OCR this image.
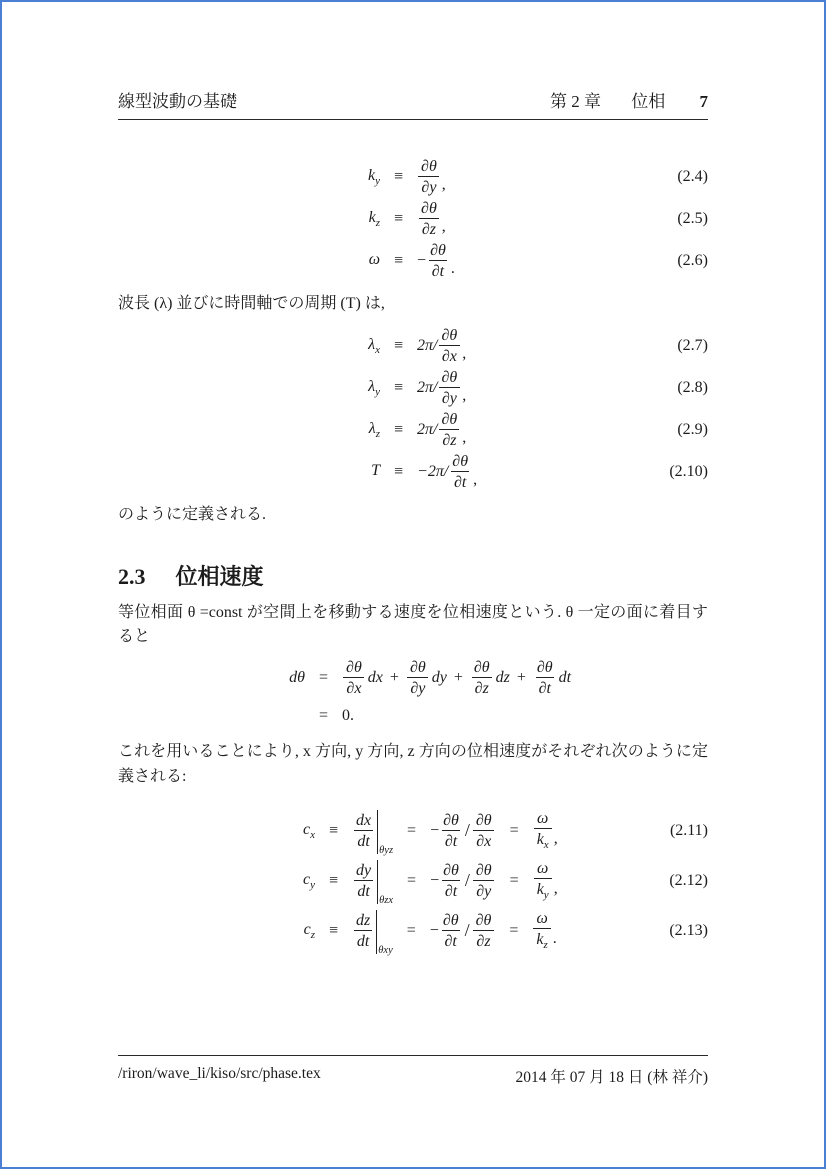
線型波動の基礎	第 2 章 位相 7
$k_y \equiv \frac{\partial\theta}{\partial y}$ ,	(2.4)
$k_z \equiv \frac{\partial\theta}{\partial z}$ ,	(2.5)
ω ≡ − $\frac{\partial\theta}{\partial t}$ .	(2.6)

波長 (λ) 並びに時間軸での周期 (T) は,

$\lambda_x \equiv 2\pi/ \frac{\partial\theta}{\partial x}$ ,	(2.7)
$\lambda_y \equiv 2\pi/ \frac{\partial\theta}{\partial y}$ ,	(2.8)
$\lambda_z \equiv 2\pi/ \frac{\partial\theta}{\partial z}$ ,	(2.9)
$T \equiv -2\pi/ \frac{\partial\theta}{\partial t}$ ,	(2.10)

のように定義される.

2.3 位相速度

等位相面 θ =const が空間上を移動する速度を位相速度という. θ 一定の面に着目すると

$d\theta = \frac{\partial\theta}{\partial x}$ dx + $\frac{\partial\theta}{\partial y}$ dy + $\frac{\partial\theta}{\partial z}$ dz + $\frac{\partial\theta}{\partial t}$ dt
= 0.

これを用いることにより, x 方向, y 方向, z 方向の位相速度がそれぞれ次のように定義される:

$c_x \equiv \frac{dx}{dt} _{\theta yz}$
= − $\frac{\partial\theta}{\partial t} / \frac{\partial\theta}{\partial x} = \frac{\omega}{k_x}$ ,	(2.11)
$c_y \equiv \frac{dy}{dt} _{\theta zx}$
= − $\frac{\partial\theta}{\partial t} / \frac{\partial\theta}{\partial y} = \frac{\omega}{k_y}$ ,	(2.12)
$c_z \equiv \frac{dz}{dt} _{\theta xy}$
= − $\frac{\partial\theta}{\partial t} / \frac{\partial\theta}{\partial z} = \frac{\omega}{k_z}$ .	(2.13)
/riron/wave_li/kiso/src/phase.tex	2014 年 07 月 18 日 (林 祥介)
